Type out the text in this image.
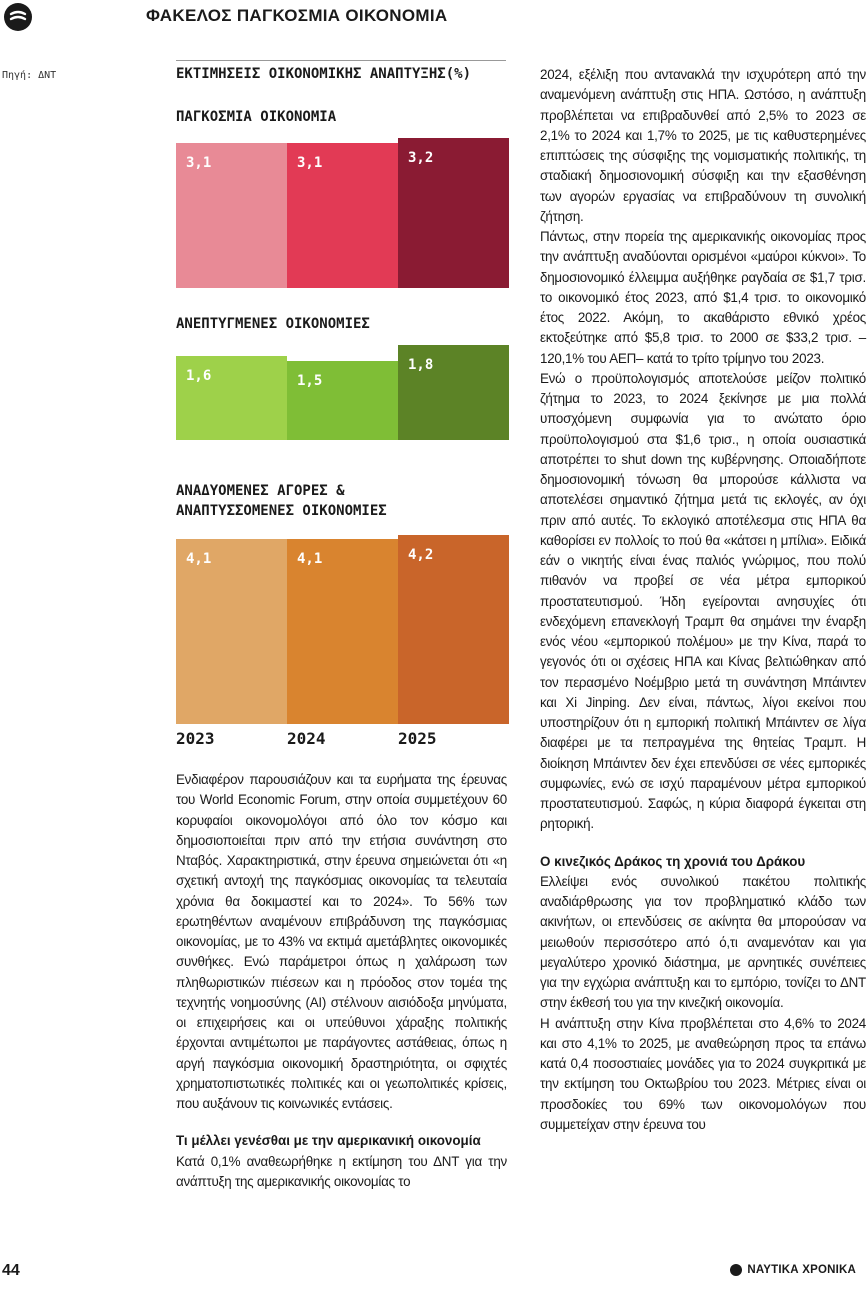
ΦΑΚΕΛΟΣ ΠΑΓΚΟΣΜΙΑ ΟΙΚΟΝΟΜΙΑ
Πηγή: ΔΝΤ	ΕΚΤΙΜΗΣΕΙΣ ΟΙΚΟΝΟΜΙΚΗΣ ΑΝΑΠΤΥΞΗΣ(%)
ΠΑΓΚΟΣΜΙΑ ΟΙΚΟΝΟΜΙΑ
3,1	3,1	3,2
ΑΝΕΠΤΥΓΜΕΝΕΣ ΟΙΚΟΝΟΜΙΕΣ
1,6	1,5
1,8
ΑΝΑΔΥΟΜΕΝΕΣ ΑΓΟΡΕΣ &
ΑΝΑΠΤΥΣΣΟΜΕΝΕΣ ΟΙΚΟΝΟΜΙΕΣ
4,1	4,1	4,2
2023	2024	2025

Ενδιαφέρον παρουσιάζουν και τα ευρήματα της έρευνας του World Economic Forum, στην οποία συμμετέχουν 60 κορυφαίοι οικονομολόγοι από όλο τον κόσμο και δημοσιοποιείται πριν από την ετήσια συνάντηση στο Νταβός. Χαρακτηριστικά, στην έρευνα σημειώνεται ότι «η σχετική αντοχή της παγκόσμιας οικονομίας τα τελευταία χρόνια θα δοκιμαστεί και το 2024». Το 56% των ερωτηθέντων αναμένουν επιβράδυνση της παγκόσμιας οικονομίας, με το 43% να εκτιμά αμετάβλητες οικονομικές συνθήκες. Ενώ παράμετροι όπως η χαλάρωση των πληθωριστικών πιέσεων και η πρόοδος στον τομέα της τεχνητής νοημοσύνης (AI) στέλνουν αισιόδοξα μηνύματα, οι επιχειρήσεις και οι υπεύθυνοι χάραξης πολιτικής έρχονται αντιμέτωποι με παράγοντες αστάθειας, όπως η αργή παγκόσμια οικονομική δραστηριότητα, οι σφιχτές χρηματοπιστωτικές πολιτικές και οι γεωπολιτικές κρίσεις, που αυξάνουν τις κοινωνικές εντάσεις.

Τι μέλλει γενέσθαι με την αμερικανική οικονομία

Κατά 0,1% αναθεωρήθηκε η εκτίμηση του ΔΝΤ για την ανάπτυξη της αμερικανικής οικονομίας το

2024, εξέλιξη που αντανακλά την ισχυρότερη από την αναμενόμενη ανάπτυξη στις ΗΠΑ. Ωστόσο, η ανάπτυξη προβλέπεται να επιβραδυνθεί από 2,5% το 2023 σε 2,1% το 2024 και 1,7% το 2025, με τις καθυστερημένες επιπτώσεις της σύσφιξης της νομισματικής πολιτικής, τη σταδιακή δημοσιονομική σύσφιξη και την εξασθένηση των αγορών εργασίας να επιβραδύνουν τη συνολική ζήτηση.

Πάντως, στην πορεία της αμερικανικής οικονομίας προς την ανάπτυξη αναδύονται ορισμένοι «μαύροι κύκνοι». Το δημοσιονομικό έλλειμμα αυξήθηκε ραγδαία σε $1,7 τρισ. το οικονομικό έτος 2023, από $1,4 τρισ. το οικονομικό έτος 2022. Ακόμη, το ακαθάριστο εθνικό χρέος εκτοξεύτηκε από $5,8 τρισ. το 2000 σε $33,2 τρισ. –120,1% του ΑΕΠ– κατά το τρίτο τρίμηνο του 2023.

Ενώ ο προϋπολογισμός αποτελούσε μείζον πολιτικό ζήτημα το 2023, το 2024 ξεκίνησε με μια πολλά υποσχόμενη συμφωνία για το ανώτατο όριο προϋπολογισμού στα $1,6 τρισ., η οποία ουσιαστικά αποτρέπει το shut down της κυβέρνησης. Οποιαδήποτε δημοσιονομική τόνωση θα μπορούσε κάλλιστα να αποτελέσει σημαντικό ζήτημα μετά τις εκλογές, αν όχι πριν από αυτές. Το εκλογικό αποτέλεσμα στις ΗΠΑ θα καθορίσει εν πολλοίς το πού θα «κάτσει η μπίλια». Ειδικά εάν ο νικητής είναι ένας παλιός γνώριμος, που πολύ πιθανόν να προβεί σε νέα μέτρα εμπορικού προστατευτισμού. Ήδη εγείρονται ανησυχίες ότι ενδεχόμενη επανεκλογή Τραμπ θα σημάνει την έναρξη ενός νέου «εμπορικού πολέμου» με την Κίνα, παρά το γεγονός ότι οι σχέσεις ΗΠΑ και Κίνας βελτιώθηκαν από τον περασμένο Νοέμβριο μετά τη συνάντηση Μπάιντεν και Xi Jinping. Δεν είναι, πάντως, λίγοι εκείνοι που υποστηρίζουν ότι η εμπορική πολιτική Μπάιντεν σε λίγα διαφέρει με τα πεπραγμένα της θητείας Τραμπ. Η διοίκηση Μπάιντεν δεν έχει επενδύσει σε νέες εμπορικές συμφωνίες, ενώ σε ισχύ παραμένουν μέτρα εμπορικού προστατευτισμού. Σαφώς, η κύρια διαφορά έγκειται στη ρητορική.

Ο κινεζικός Δράκος τη χρονιά του Δράκου

Ελλείψει ενός συνολικού πακέτου πολιτικής αναδιάρθρωσης για τον προβληματικό κλάδο των ακινήτων, οι επενδύσεις σε ακίνητα θα μπορούσαν να μειωθούν περισσότερο από ό,τι αναμενόταν και για μεγαλύτερο χρονικό διάστημα, με αρνητικές συνέπειες για την εγχώρια ανάπτυξη και το εμπόριο, τονίζει το ΔΝΤ στην έκθεσή του για την κινεζική οικονομία.

Η ανάπτυξη στην Κίνα προβλέπεται στο 4,6% το 2024 και στο 4,1% το 2025, με αναθεώρηση προς τα επάνω κατά 0,4 ποσοστιαίες μονάδες για το 2024 συγκριτικά με την εκτίμηση του Οκτωβρίου του 2023. Μέτριες είναι οι προσδοκίες του 69% των οικονομολόγων που συμμετείχαν στην έρευνα του

44	ΝΑΥΤΙΚΑ ΧΡΟΝΙΚΑ
